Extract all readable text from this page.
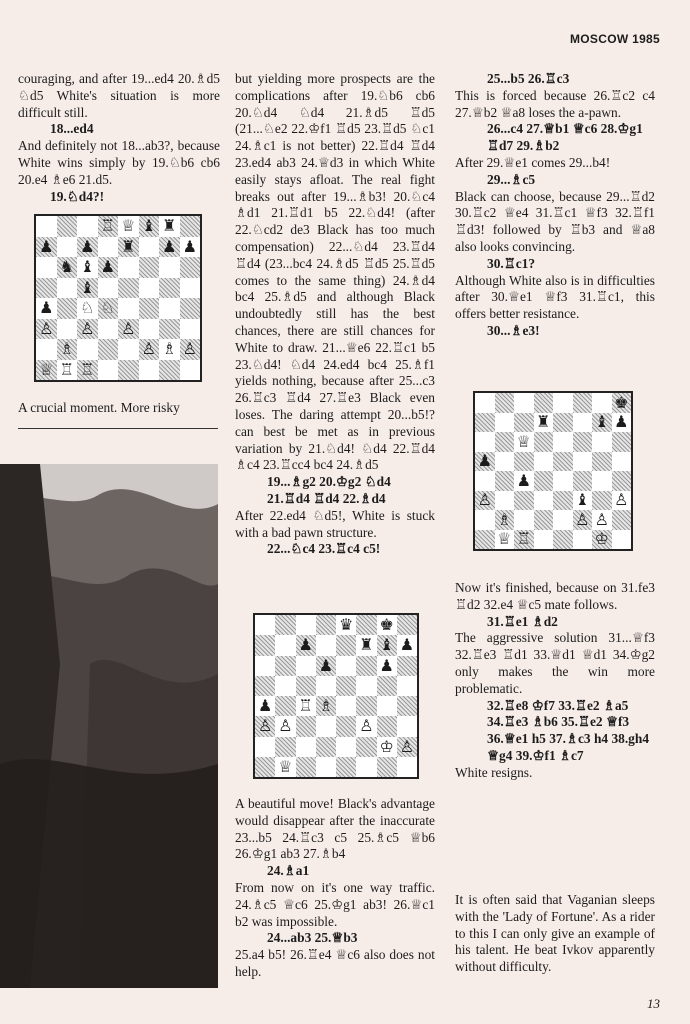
MOSCOW 1985

couraging, and after 19...ed4 20.♗d5 ♘d5 White's situation is more difficult still.

18...ed4

And definitely not 18...ab3?, because White wins simply by 19.♘b6 cb6 20.e4 ♗e6 21.d5.

19.♘d4?!

♖ ♕ ♝ ♜
♟ ♟ ♜ ♟ ♟
♞ ♝ ♟
♝
♟ ♘ ♘
♙ ♙ ♙
♗	♙ ♗ ♙
♕ ♖ ♖
A crucial moment. More risky

but yielding more prospects are the complications after 19.♘b6 cb6 20.♘d4 ♘d4 21.♗d5 ♖d5 (21...♘e2 22.♔f1 ♖d5 23.♖d5 ♘c1 24.♗c1 is not better) 22.♖d4 ♖d4 23.ed4 ab3 24.♕d3 in which White easily stays afloat. The real fight breaks out after 19...♗b3! 20.♘c4 ♗d1 21.♖d1 b5 22.♘d4! (after 22.♘cd2 de3 Black has too much compensation) 22...♘d4 23.♖d4 ♖d4 (23...bc4 24.♗d5 ♖d5 25.♖d5 comes to the same thing) 24.♗d4 bc4 25.♗d5 and although Black undoubtedly still has the best chances, there are still chances for White to draw. 21...♕e6 22.♖c1 b5 23.♘d4! ♘d4 24.ed4 bc4 25.♗f1 yields nothing, because after 25...c3 26.♖c3 ♖d4 27.♖e3 Black even loses. The daring attempt 20...b5!? can best be met as in previous variation by 21.♘d4! ♘d4 22.♖d4 ♗c4 23.♖cc4 bc4 24.♗d5

19...♗g2 20.♔g2 ♘d4 21.♖d4 ♖d4 22.♗d4

After 22.ed4 ♘d5!, White is stuck with a bad pawn structure.

22...♘c4 23.♖c4 c5!

♛ ♚
♟	♜ ♝ ♟
♟	♟
♟ ♖ ♗
♙ ♙	♙
♔ ♙
♕

A beautiful move! Black's advantage would disappear after the inaccurate 23...b5 24.♖c3 c5 25.♗c5 ♕b6 26.♔g1 ab3 27.♗b4

24.♗a1

From now on it's one way traffic. 24.♗c5 ♕c6 25.♔g1 ab3! 26.♕c1 b2 was impossible.

24...ab3 25.♕b3

25.a4 b5! 26.♖e4 ♕c6 also does not help.

25...b5 26.♖c3

This is forced because 26.♖c2 c4 27.♕b2 ♕a8 loses the a-pawn.

26...c4 27.♕b1 ♕c6 28.♔g1 ♖d7 29.♗b2

After 29.♕e1 comes 29...b4!

29...♗c5

Black can choose, because 29...♖d2 30.♖c2 ♕e4 31.♖c1 ♕f3 32.♖f1 ♖d3! followed by ♖b3 and ♕a8 also looks convincing.

30.♖c1?

Although White also is in difficulties after 30.♕e1 ♕f3 31.♖c1, this offers better resistance.

30...♗e3!

♚
♜	♝ ♟
♕
♟
♟
♙	♝ ♙
♗	♙ ♙
♕ ♖	♔

Now it's finished, because on 31.fe3 ♖d2 32.e4 ♕c5 mate follows.

31.♖e1 ♗d2

The aggressive solution 31...♕f3 32.♖e3 ♖d1 33.♕d1 ♕d1 34.♔g2 only makes the win more problematic.

32.♖e8 ♔f7 33.♖e2 ♗a5 34.♖e3 ♗b6 35.♖e2 ♕f3 36.♕e1 h5 37.♗c3 h4 38.gh4 ♕g4 39.♔f1 ♗c7

White resigns.

It is often said that Vaganian sleeps with the 'Lady of Fortune'. As a rider to this I can only give an example of his talent. He beat Ivkov apparently without difficulty.

13
